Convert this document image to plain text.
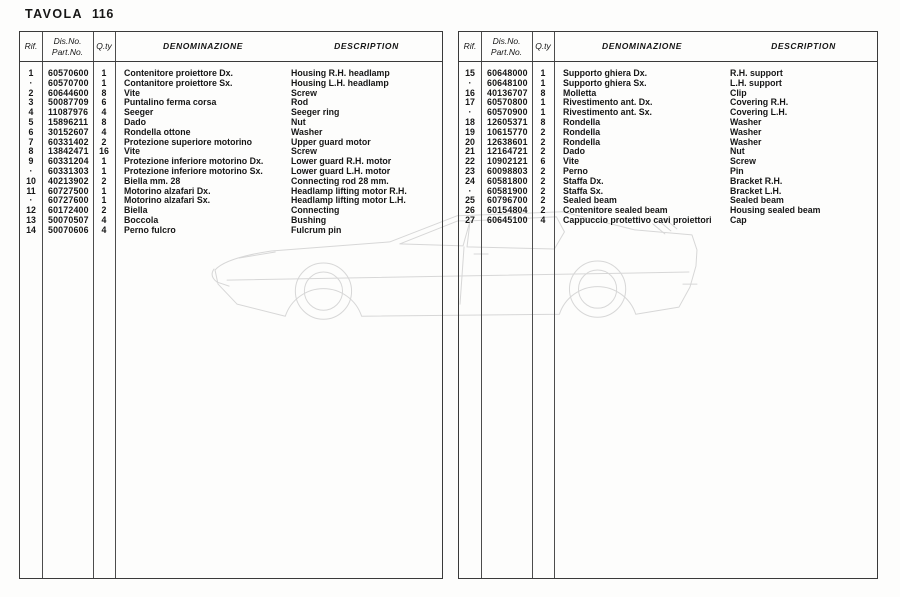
TAVOLA 116
Rif.
Dis.No.
Part.No.
Q.ty	DENOMINAZIONE	DESCRIPTION
1	60570600	1	Contenitore proiettore Dx.	Housing R.H. headlamp
·	60570700	1	Contanitore proiettore Sx.	Housing L.H. headlamp
2	60644600	8	Vite	Screw
3	50087709	6	Puntalino ferma corsa	Rod
4	11087976	4	Seeger	Seeger ring
5	15896211	8	Dado	Nut
6	30152607	4	Rondella ottone	Washer
7	60331402	2	Protezione superiore motorino	Upper guard motor
8	13842471	16	Vite	Screw
9	60331204	1	Protezione inferiore motorino Dx.	Lower guard R.H. motor
·	60331303	1	Protezione inferiore motorino Sx.	Lower guard L.H. motor
10	40213902	2	Biella mm. 28	Connecting rod 28 mm.
11	60727500	1	Motorino alzafari Dx.	Headlamp lifting motor R.H.
·	60727600	1	Motorino alzafari Sx.	Headlamp lifting motor L.H.
12	60172400	2	Biella	Connecting
13	50070507	4	Boccola	Bushing
14	50070606	4	Perno fulcro	Fulcrum pin
Rif.
Dis.No.
Part.No.
Q.ty	DENOMINAZIONE	DESCRIPTION
15	60648000	1	Supporto ghiera Dx.	R.H. support
·	60648100	1	Supporto ghiera Sx.	L.H. support
16	40136707	8	Molletta	Clip
17	60570800	1	Rivestimento ant. Dx.	Covering R.H.
·	60570900	1	Rivestimento ant. Sx.	Covering L.H.
18	12605371	8	Rondella	Washer
19	10615770	2	Rondella	Washer
20	12638601	2	Rondella	Washer
21	12164721	2	Dado	Nut
22	10902121	6	Vite	Screw
23	60098803	2	Perno	Pin
24	60581800	2	Staffa Dx.	Bracket R.H.
·	60581900	2	Staffa Sx.	Bracket L.H.
25	60796700	2	Sealed beam	Sealed beam
26	60154804	2	Contenitore sealed beam	Housing sealed beam
27	60645100	4	Cappuccio protettivo cavi proiettori	Cap
